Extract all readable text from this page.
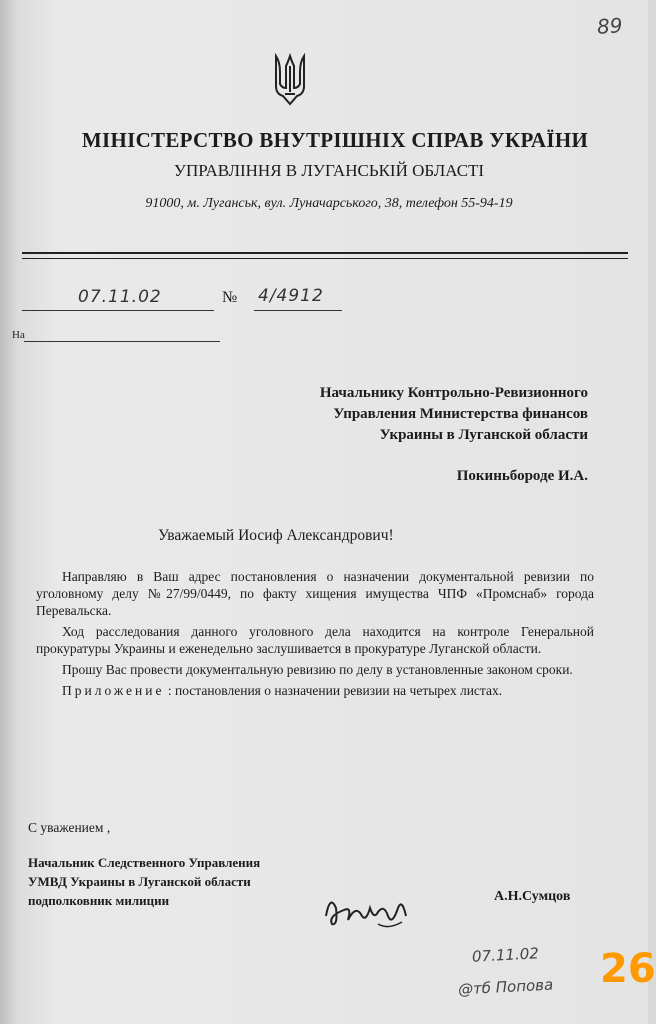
89
МІНІСТЕРСТВО ВНУТРІШНІХ СПРАВ УКРАЇНИ
УПРАВЛІННЯ В ЛУГАНСЬКІЙ ОБЛАСТІ
91000, м. Луганськ, вул. Луначарського, 38, телефон 55-94-19
07.11.02	№ 4/4912
На
Начальнику Контрольно-Ревизионного
Управления Министерства финансов
Украины в Луганской области
Покиньбороде И.А.
Уважаемый Иосиф Александрович!

Направляю в Ваш адрес постановления о назначении документальной ревизии по уголовному делу №27/99/0449, по факту хищения имущества ЧПФ «Промснаб» города Перевальска.

Ход расследования данного уголовного дела находится на контроле Генеральной прокуратуры Украины и еженедельно заслушивается в прокуратуре Луганской области.

Прошу Вас провести документальную ревизию по делу в установленные законом сроки.

Приложение : постановления о назначении ревизии на четырех листах.

С уважением ,
Начальник Следственного Управления
УМВД Украины в Луганской области
подполковник милиции	А.Н.Сумцов
07.11.02
@тб Попова 26
